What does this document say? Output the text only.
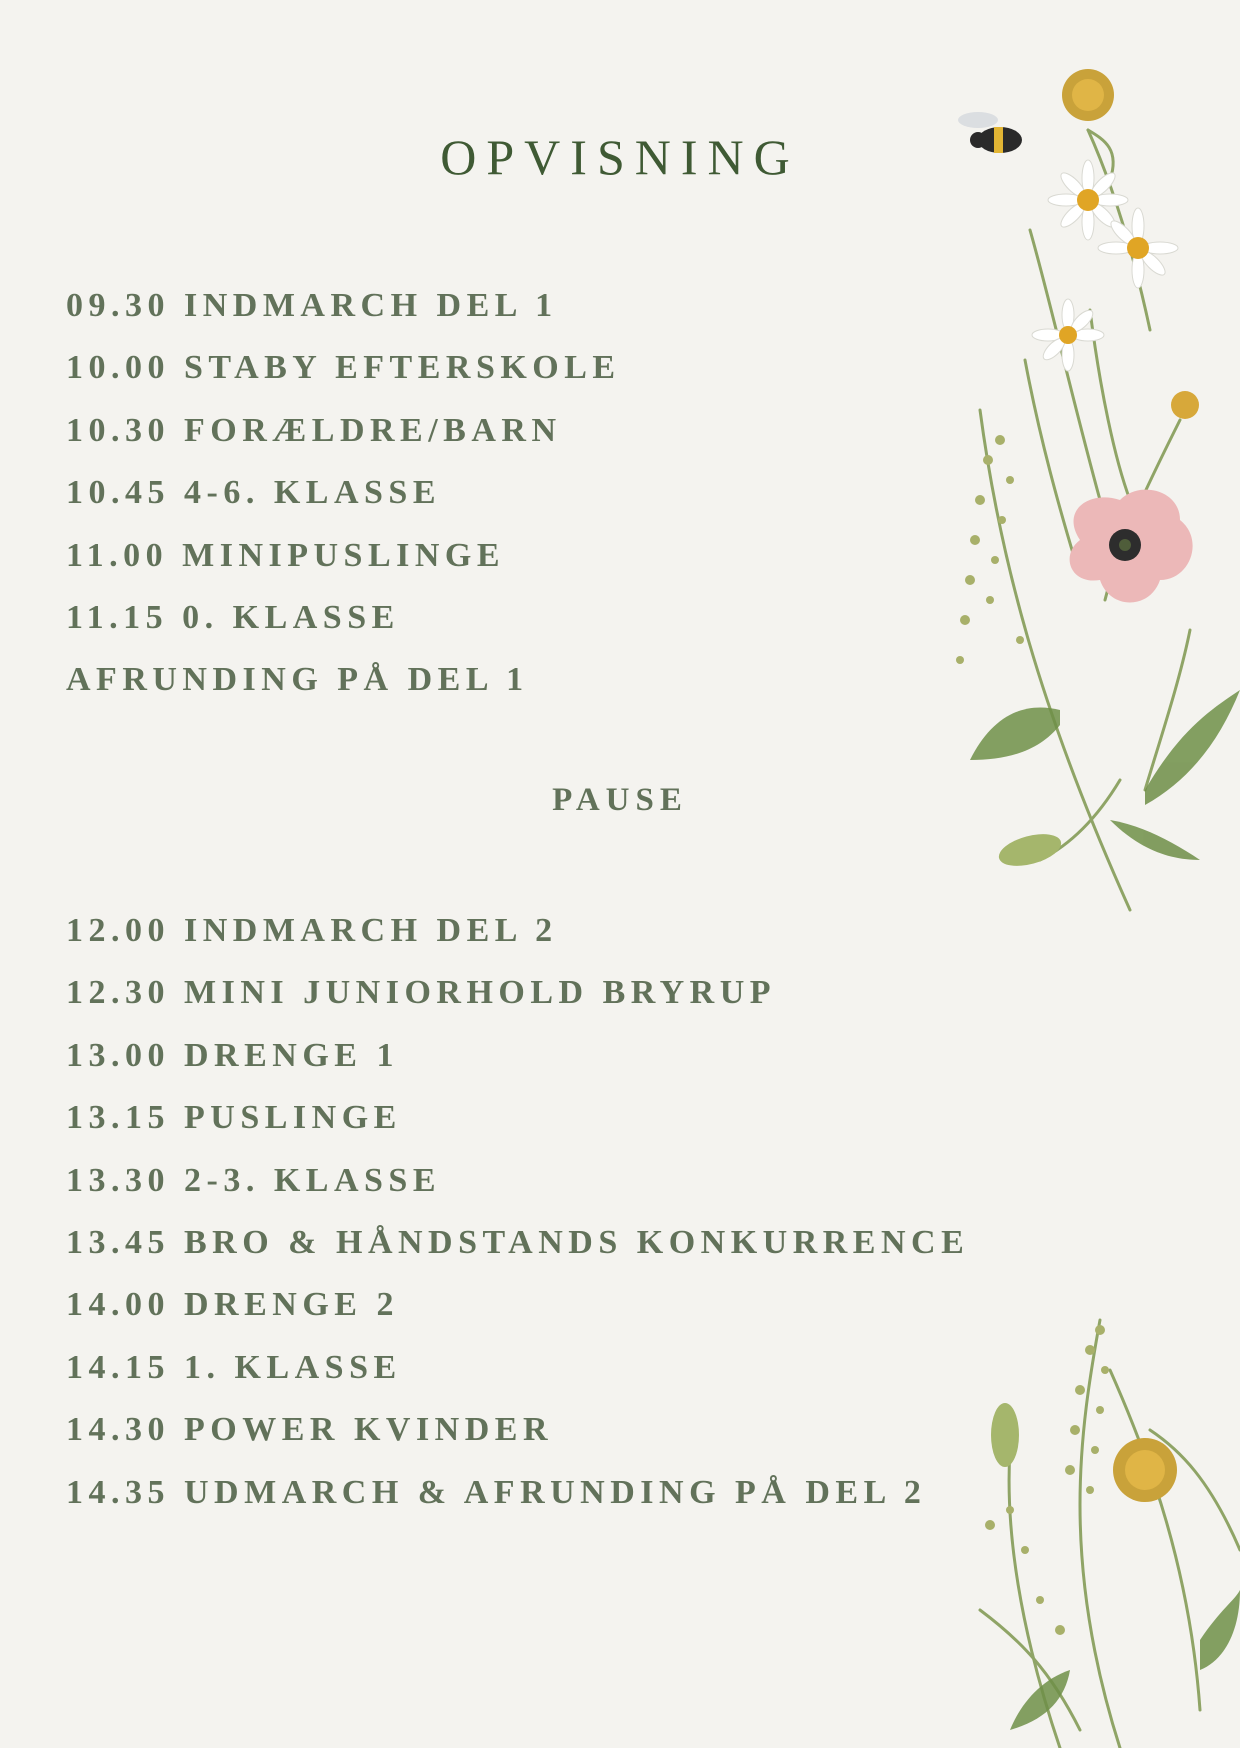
OPVISNING
09.30 INDMARCH DEL 1
10.00 STABY EFTERSKOLE
10.30 FORÆLDRE/BARN
10.45 4-6. KLASSE
11.00 MINIPUSLINGE
11.15 0. KLASSE
AFRUNDING PÅ DEL 1
PAUSE
12.00 INDMARCH DEL 2
12.30 MINI JUNIORHOLD BRYRUP
13.00 DRENGE 1
13.15 PUSLINGE
13.30 2-3. KLASSE
13.45 BRO & HÅNDSTANDS KONKURRENCE
14.00 DRENGE 2
14.15 1. KLASSE
14.30 POWER KVINDER
14.35 UDMARCH & AFRUNDING PÅ DEL 2
